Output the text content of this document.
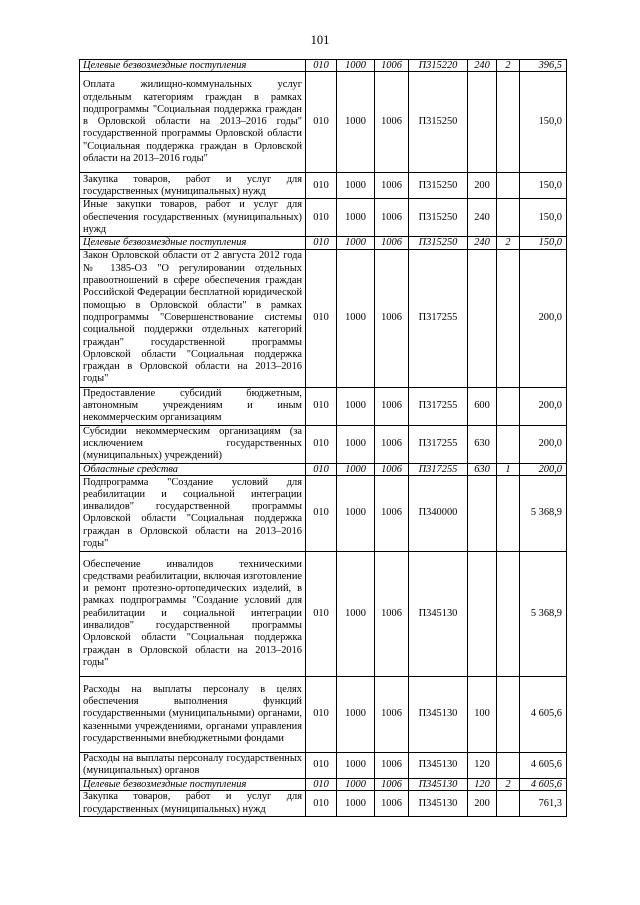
101
Целевые безвозмездные поступления	010	1000	1006	П315220	240	2	396,5
Оплата жилищно-коммунальных услуг отдельным категориям граждан в рамках подпрограммы "Социальная поддержка граждан в Орловской области на 2013–2016 годы" государственной программы Орловской области "Социальная поддержка граждан в Орловской области на 2013–2016 годы"	010	1000	1006	П315250			150,0
Закупка товаров, работ и услуг для государственных (муниципальных) нужд	010	1000	1006	П315250	200		150,0
Иные закупки товаров, работ и услуг для обеспечения государственных (муниципальных) нужд	010	1000	1006	П315250	240		150,0
Целевые безвозмездные поступления	010	1000	1006	П315250	240	2	150,0
Закон Орловской области от 2 августа 2012 года № 1385-ОЗ "О регулировании отдельных правоотношений в сфере обеспечения граждан Российской Федерации бесплатной юридической помощью в Орловской области" в рамках подпрограммы "Совершенствование системы социальной поддержки отдельных категорий граждан" государственной программы Орловской области "Социальная поддержка граждан в Орловской области на 2013–2016 годы"	010	1000	1006	П317255			200,0
Предоставление субсидий бюджетным, автономным учреждениям и иным некоммерческим организациям	010	1000	1006	П317255	600		200,0
Субсидии некоммерческим организациям (за исключением государственных (муниципальных) учреждений)	010	1000	1006	П317255	630		200,0
Областные средства	010	1000	1006	П317255	630	1	200,0
Подпрограмма "Создание условий для реабилитации и социальной интеграции инвалидов" государственной программы Орловской области "Социальная поддержка граждан в Орловской области на 2013–2016 годы"	010	1000	1006	П340000			5 368,9
Обеспечение инвалидов техническими средствами реабилитации, включая изготовление и ремонт протезно-ортопедических изделий, в рамках подпрограммы "Создание условий для реабилитации и социальной интеграции инвалидов" государственной программы Орловской области "Социальная поддержка граждан в Орловской области на 2013–2016 годы"	010	1000	1006	П345130			5 368,9
Расходы на выплаты персоналу в целях обеспечения выполнения функций государственными (муниципальными) органами, казенными учреждениями, органами управления государственными внебюджетными фондами	010	1000	1006	П345130	100		4 605,6
Расходы на выплаты персоналу государственных (муниципальных) органов	010	1000	1006	П345130	120		4 605,6
Целевые безвозмездные поступления	010	1000	1006	П345130	120	2	4 605,6
Закупка товаров, работ и услуг для государственных (муниципальных) нужд	010	1000	1006	П345130	200		761,3
